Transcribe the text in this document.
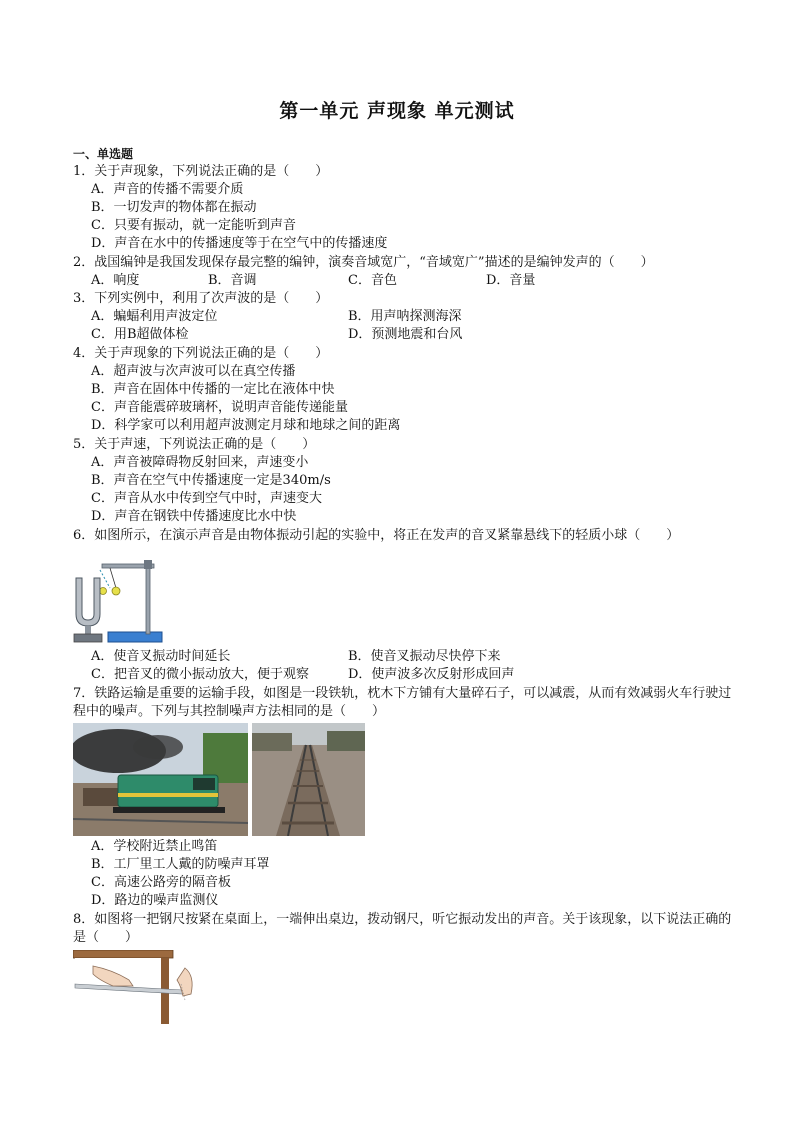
第一单元 声现象 单元测试
一、单选题
1．关于声现象，下列说法正确的是（　　）
A．声音的传播不需要介质
B．一切发声的物体都在振动
C．只要有振动，就一定能听到声音
D．声音在水中的传播速度等于在空气中的传播速度
2．战国编钟是我国发现保存最完整的编钟，演奏音域宽广，“音域宽广”描述的是编钟发声的（　　）
A．响度	B．音调	C．音色	D．音量
3．下列实例中，利用了次声波的是（　　）
A．蝙蝠利用声波定位	B．用声呐探测海深
C．用B超做体检	D．预测地震和台风
4．关于声现象的下列说法正确的是（　　）
A．超声波与次声波可以在真空传播
B．声音在固体中传播的一定比在液体中快
C．声音能震碎玻璃杯，说明声音能传递能量
D．科学家可以利用超声波测定月球和地球之间的距离
5．关于声速，下列说法正确的是（　　）
A．声音被障碍物反射回来，声速变小
B．声音在空气中传播速度一定是340m/s
C．声音从水中传到空气中时，声速变大
D．声音在钢铁中传播速度比水中快
6．如图所示，在演示声音是由物体振动引起的实验中，将正在发声的音叉紧靠悬线下的轻质小球（　　）
A．使音叉振动时间延长	B．使音叉振动尽快停下来
C．把音叉的微小振动放大，便于观察	D．使声波多次反射形成回声
7．铁路运输是重要的运输手段，如图是一段铁轨，枕木下方铺有大量碎石子，可以减震，从而有效减弱火车行驶过程中的噪声。下列与其控制噪声方法相同的是（　　）
A．学校附近禁止鸣笛
B．工厂里工人戴的防噪声耳罩
C．高速公路旁的隔音板
D．路边的噪声监测仪
8．如图将一把钢尺按紧在桌面上，一端伸出桌边，拨动钢尺，听它振动发出的声音。关于该现象，以下说法正确的是（　　）
